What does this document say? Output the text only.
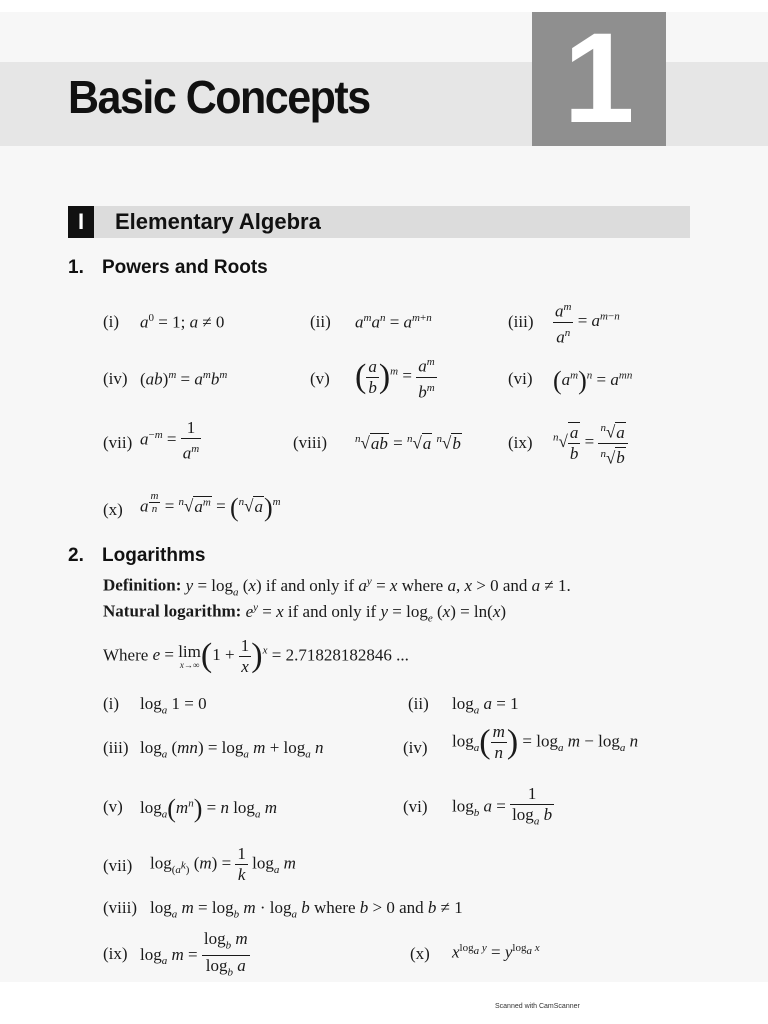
Basic Concepts 1
I	Elementary Algebra
1. Powers and Roots
(i) $a^0 = 1$; a ≠ 0	(ii) $a^ma^n = a^{m+n}$	$(iii) \frac{a^m}{a^n} = a^{m-n}$
(iv) $(ab)^m = a^mb^m$	(v) ( $\frac{a}{b} )^m = \frac{a^m}{b^m}$	(vi) $(a^m)^n = a^{mn}$
(vii) $a^{-m} = \frac{1}{a^m}$	(viii)	$^n$√ab = $^n$√a $^n$√b	(ix) $^n√ \frac{a}{b} = \frac{^n√a}{^n√b}$
(x) a $^{\frac{m}{n}} = ^n√a^m = (^n√a)^m$
2. Logarithms
Definition: $y = \log_a (x)$ if and only if $a^y = x$ where a, x > 0 and a ≠ 1.
Natural logarithm: $e^y = x$ if and only if $y = \log_e (x) = \ln(x)$
Where e = lim
x→∞ $(1 + \frac{1}{x} )^x = 2.71828182846$ ...
(i) $\log_a 1 = 0$	(ii) $\log_a a = 1$
(iii) $\log_a (mn) = \log_a m + \log_a n$	(iv) $\log_a( \frac{m}{n}$ ) = $\log_a m - \log_a n$
(v) $\log_a(m^n) = n$ $\log_a m$	(vi) $\log_b a = \frac{1}{\log_a b}$
(vii) $\log_{(a^k)} (m) = \frac{1}{k} \log_a m$
(viii) $\log_a m = \log_b m \cdot \log_a b$ where b > 0 and b ≠ 1
(ix) $\log_a m = \frac{\log_b m}{\log_b a}$	(x) $x^{log_a y} = y^{log_a x}$
Scanned with CamScanner
